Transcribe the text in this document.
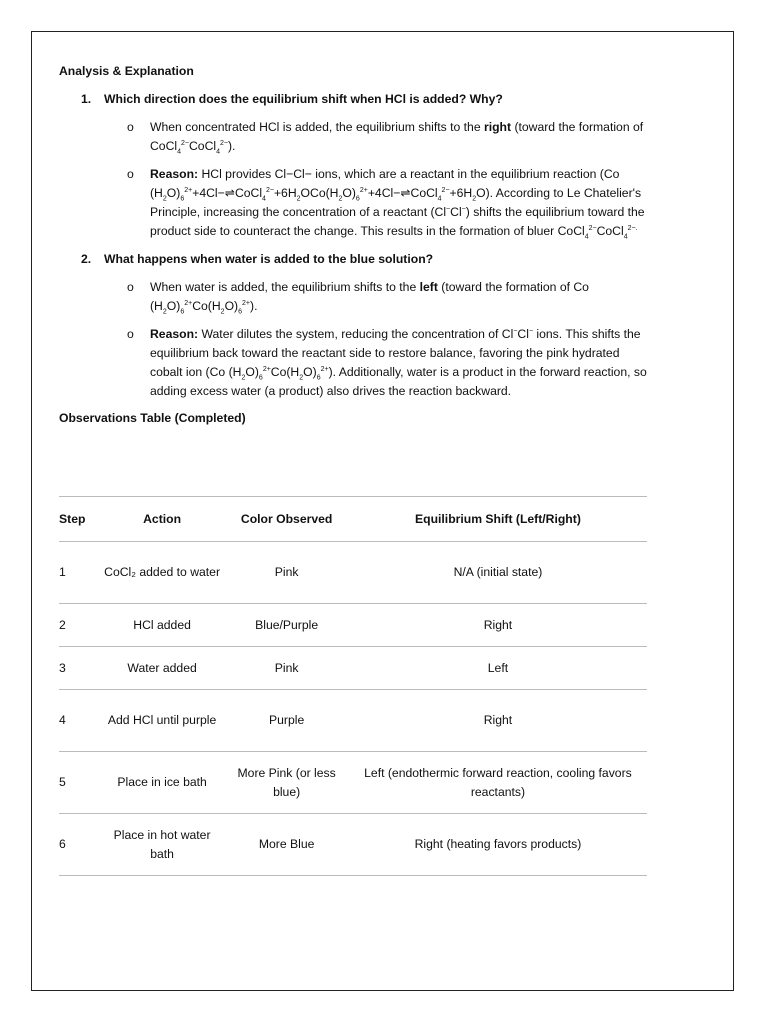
Analysis & Explanation
1. Which direction does the equilibrium shift when HCl is added? Why?
o When concentrated HCl is added, the equilibrium shifts to the right (toward the formation of CoCl$_4^{2-}$CoCl$_4^{2-}$).
o Reason: HCl provides Cl−Cl− ions, which are a reactant in the equilibrium reaction (Co $(H_2O)_6^{2+}+4Cl-\rightleftharpoons CoCl_4^{2-}+6H_2OCo(H_2O)_6^{2+}+4Cl-\rightleftharpoons CoCl_4^{2-}+6H_2O$). According to Le Chatelier's Principle, increasing the concentration of a reactant (Cl−Cl−) shifts the equilibrium toward the product side to counteract the change. This results in the formation of bluer CoCl$_4^{2-}$CoCl$_4^{2-.}$
2. What happens when water is added to the blue solution?
o When water is added, the equilibrium shifts to the left (toward the formation of Co $(H_2O)_6^{2+}Co(H_2O)_6^{2+}$).
o Reason: Water dilutes the system, reducing the concentration of Cl−Cl− ions. This shifts the equilibrium back toward the reactant side to restore balance, favoring the pink hydrated cobalt ion (Co $(H_2O)_6^{2+}Co(H_2O)_6^{2+}$). Additionally, water is a product in the forward reaction, so adding excess water (a product) also drives the reaction backward.
Observations Table (Completed)
Step	Action	Color Observed	Equilibrium Shift (Left/Right)
1	CoCl₂ added to water	Pink	N/A (initial state)
2	HCl added	Blue/Purple	Right
3	Water added	Pink	Left
4	Add HCl until purple	Purple	Right
5	Place in ice bath	More Pink (or less blue)	Left (endothermic forward reaction, cooling favors reactants)
6	Place in hot water bath	More Blue	Right (heating favors products)
